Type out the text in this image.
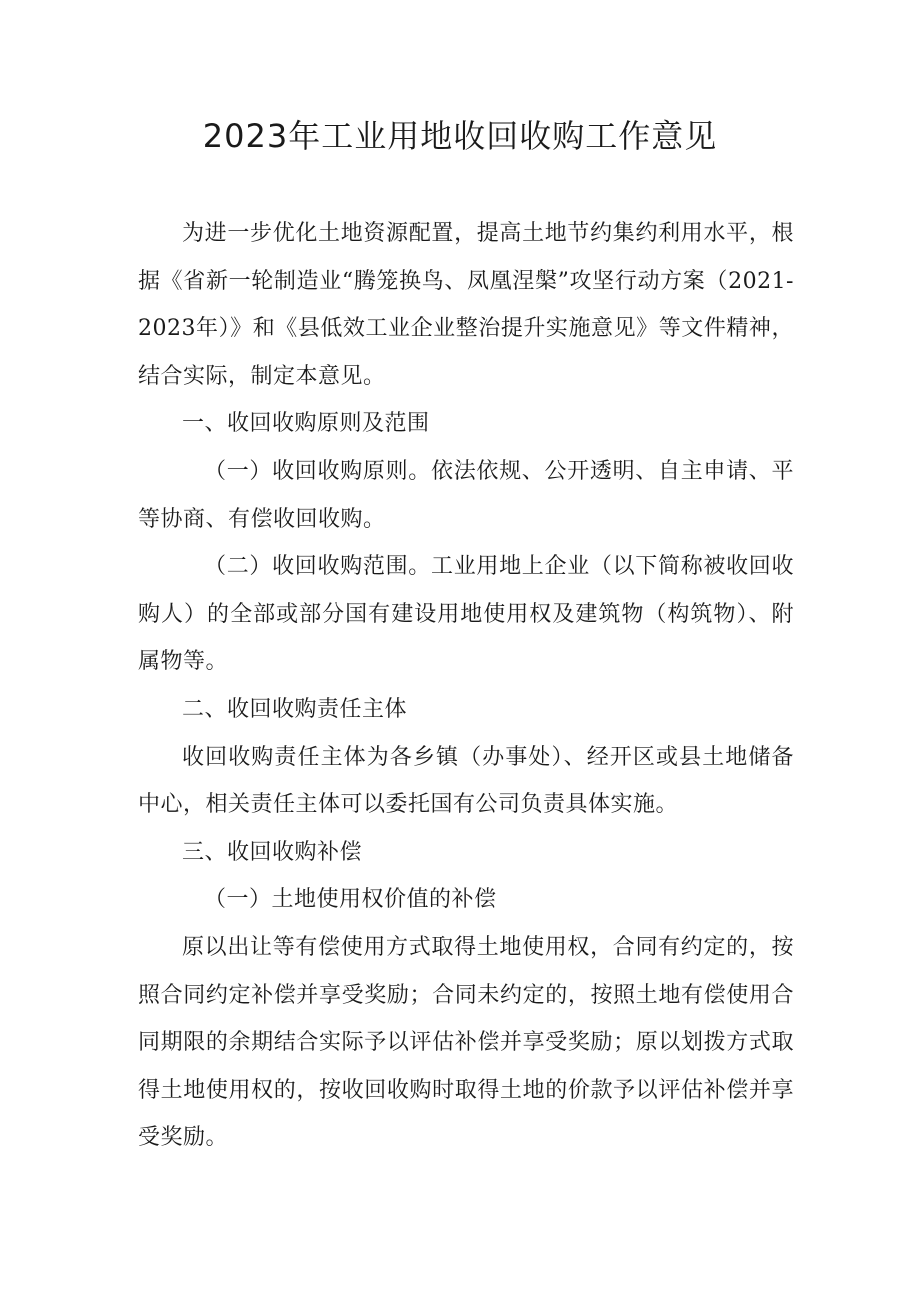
2023年工业用地收回收购工作意见

为进一步优化土地资源配置，提高土地节约集约利用水平，根据《省新一轮制造业“腾笼换鸟、凤凰涅槃”攻坚行动方案（2021-2023年）》和《县低效工业企业整治提升实施意见》等文件精神，结合实际，制定本意见。

一、收回收购原则及范围

（一）收回收购原则。依法依规、公开透明、自主申请、平等协商、有偿收回收购。

（二）收回收购范围。工业用地上企业（以下简称被收回收购人）的全部或部分国有建设用地使用权及建筑物（构筑物）、附属物等。

二、收回收购责任主体

收回收购责任主体为各乡镇（办事处）、经开区或县土地储备中心，相关责任主体可以委托国有公司负责具体实施。

三、收回收购补偿

（一）土地使用权价值的补偿

原以出让等有偿使用方式取得土地使用权，合同有约定的，按照合同约定补偿并享受奖励；合同未约定的，按照土地有偿使用合同期限的余期结合实际予以评估补偿并享受奖励；原以划拨方式取得土地使用权的，按收回收购时取得土地的价款予以评估补偿并享受奖励。
